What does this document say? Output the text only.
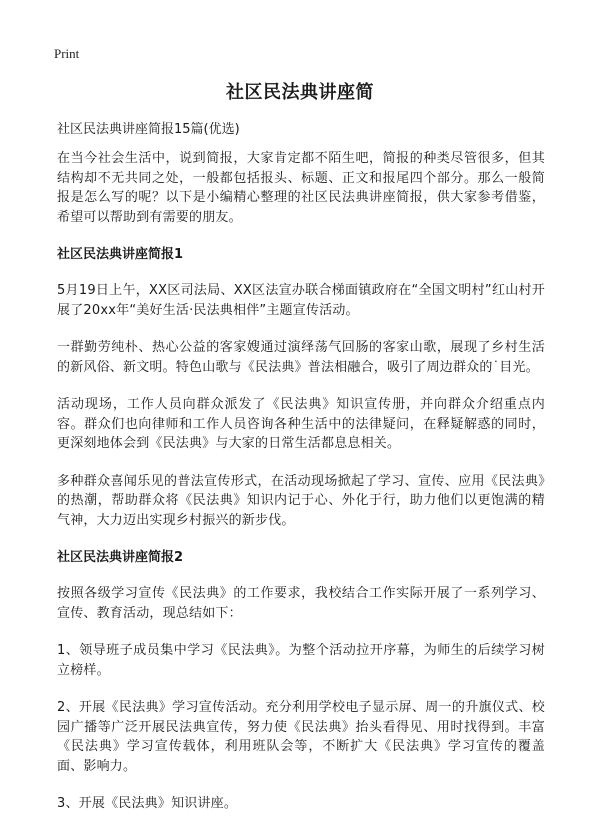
Print
社区民法典讲座简

社区民法典讲座简报15篇(优选)

在当今社会生活中，说到简报，大家肯定都不陌生吧，简报的种类尽管很多，但其结构却不无共同之处，一般都包括报头、标题、正文和报尾四个部分。那么一般简报是怎么写的呢？以下是小编精心整理的社区民法典讲座简报，供大家参考借鉴，希望可以帮助到有需要的朋友。

社区民法典讲座简报1

5月19日上午，XX区司法局、XX区法宣办联合梯面镇政府在“全国文明村”红山村开展了20xx年“美好生活·民法典相伴”主题宣传活动。

一群勤劳纯朴、热心公益的客家嫂通过演绎荡气回肠的客家山歌，展现了乡村生活的新风俗、新文明。特色山歌与《民法典》普法相融合，吸引了周边群众的˙目光。

活动现场，工作人员向群众派发了《民法典》知识宣传册，并向群众介绍重点内容。群众们也向律师和工作人员咨询各种生活中的法律疑问，在释疑解惑的同时，更深刻地体会到《民法典》与大家的日常生活都息息相关。

多种群众喜闻乐见的普法宣传形式，在活动现场掀起了学习、宣传、应用《民法典》的热潮，帮助群众将《民法典》知识内记于心、外化于行，助力他们以更饱满的精气神，大力迈出实现乡村振兴的新步伐。

社区民法典讲座简报2

按照各级学习宣传《民法典》的工作要求，我校结合工作实际开展了一系列学习、宣传、教育活动，现总结如下：

1、领导班子成员集中学习《民法典》。为整个活动拉开序幕，为师生的后续学习树立榜样。

2、开展《民法典》学习宣传活动。充分利用学校电子显示屏、周一的升旗仪式、校园广播等广泛开展民法典宣传，努力使《民法典》抬头看得见、用时找得到。丰富《民法典》学习宣传载体，利用班队会等，不断扩大《民法典》学习宣传的覆盖面、影响力。

3、开展《民法典》知识讲座。
